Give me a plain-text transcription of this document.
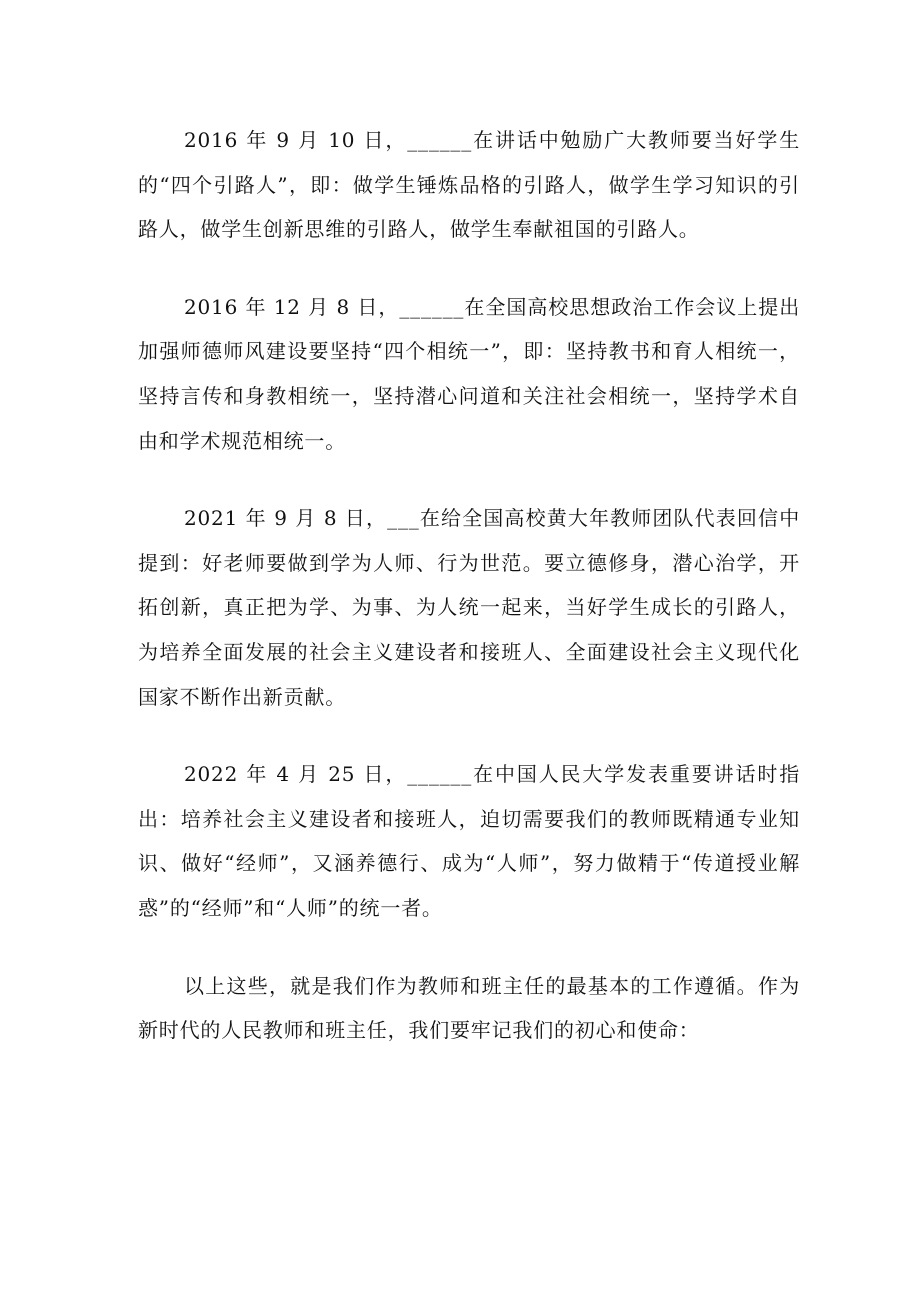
2016 年 9 月 10 日，______在讲话中勉励广大教师要当好学生的“四个引路人”，即：做学生锤炼品格的引路人，做学生学习知识的引路人，做学生创新思维的引路人，做学生奉献祖国的引路人。

2016 年 12 月 8 日，______在全国高校思想政治工作会议上提出加强师德师风建设要坚持“四个相统一”，即：坚持教书和育人相统一，坚持言传和身教相统一，坚持潜心问道和关注社会相统一，坚持学术自由和学术规范相统一。

2021 年 9 月 8 日，___在给全国高校黄大年教师团队代表回信中提到：好老师要做到学为人师、行为世范。要立德修身，潜心治学，开拓创新，真正把为学、为事、为人统一起来，当好学生成长的引路人，为培养全面发展的社会主义建设者和接班人、全面建设社会主义现代化国家不断作出新贡献。

2022 年 4 月 25 日，______在中国人民大学发表重要讲话时指出：培养社会主义建设者和接班人，迫切需要我们的教师既精通专业知识、做好“经师”，又涵养德行、成为“人师”，努力做精于“传道授业解惑”的“经师”和“人师”的统一者。

以上这些，就是我们作为教师和班主任的最基本的工作遵循。作为新时代的人民教师和班主任，我们要牢记我们的初心和使命：
